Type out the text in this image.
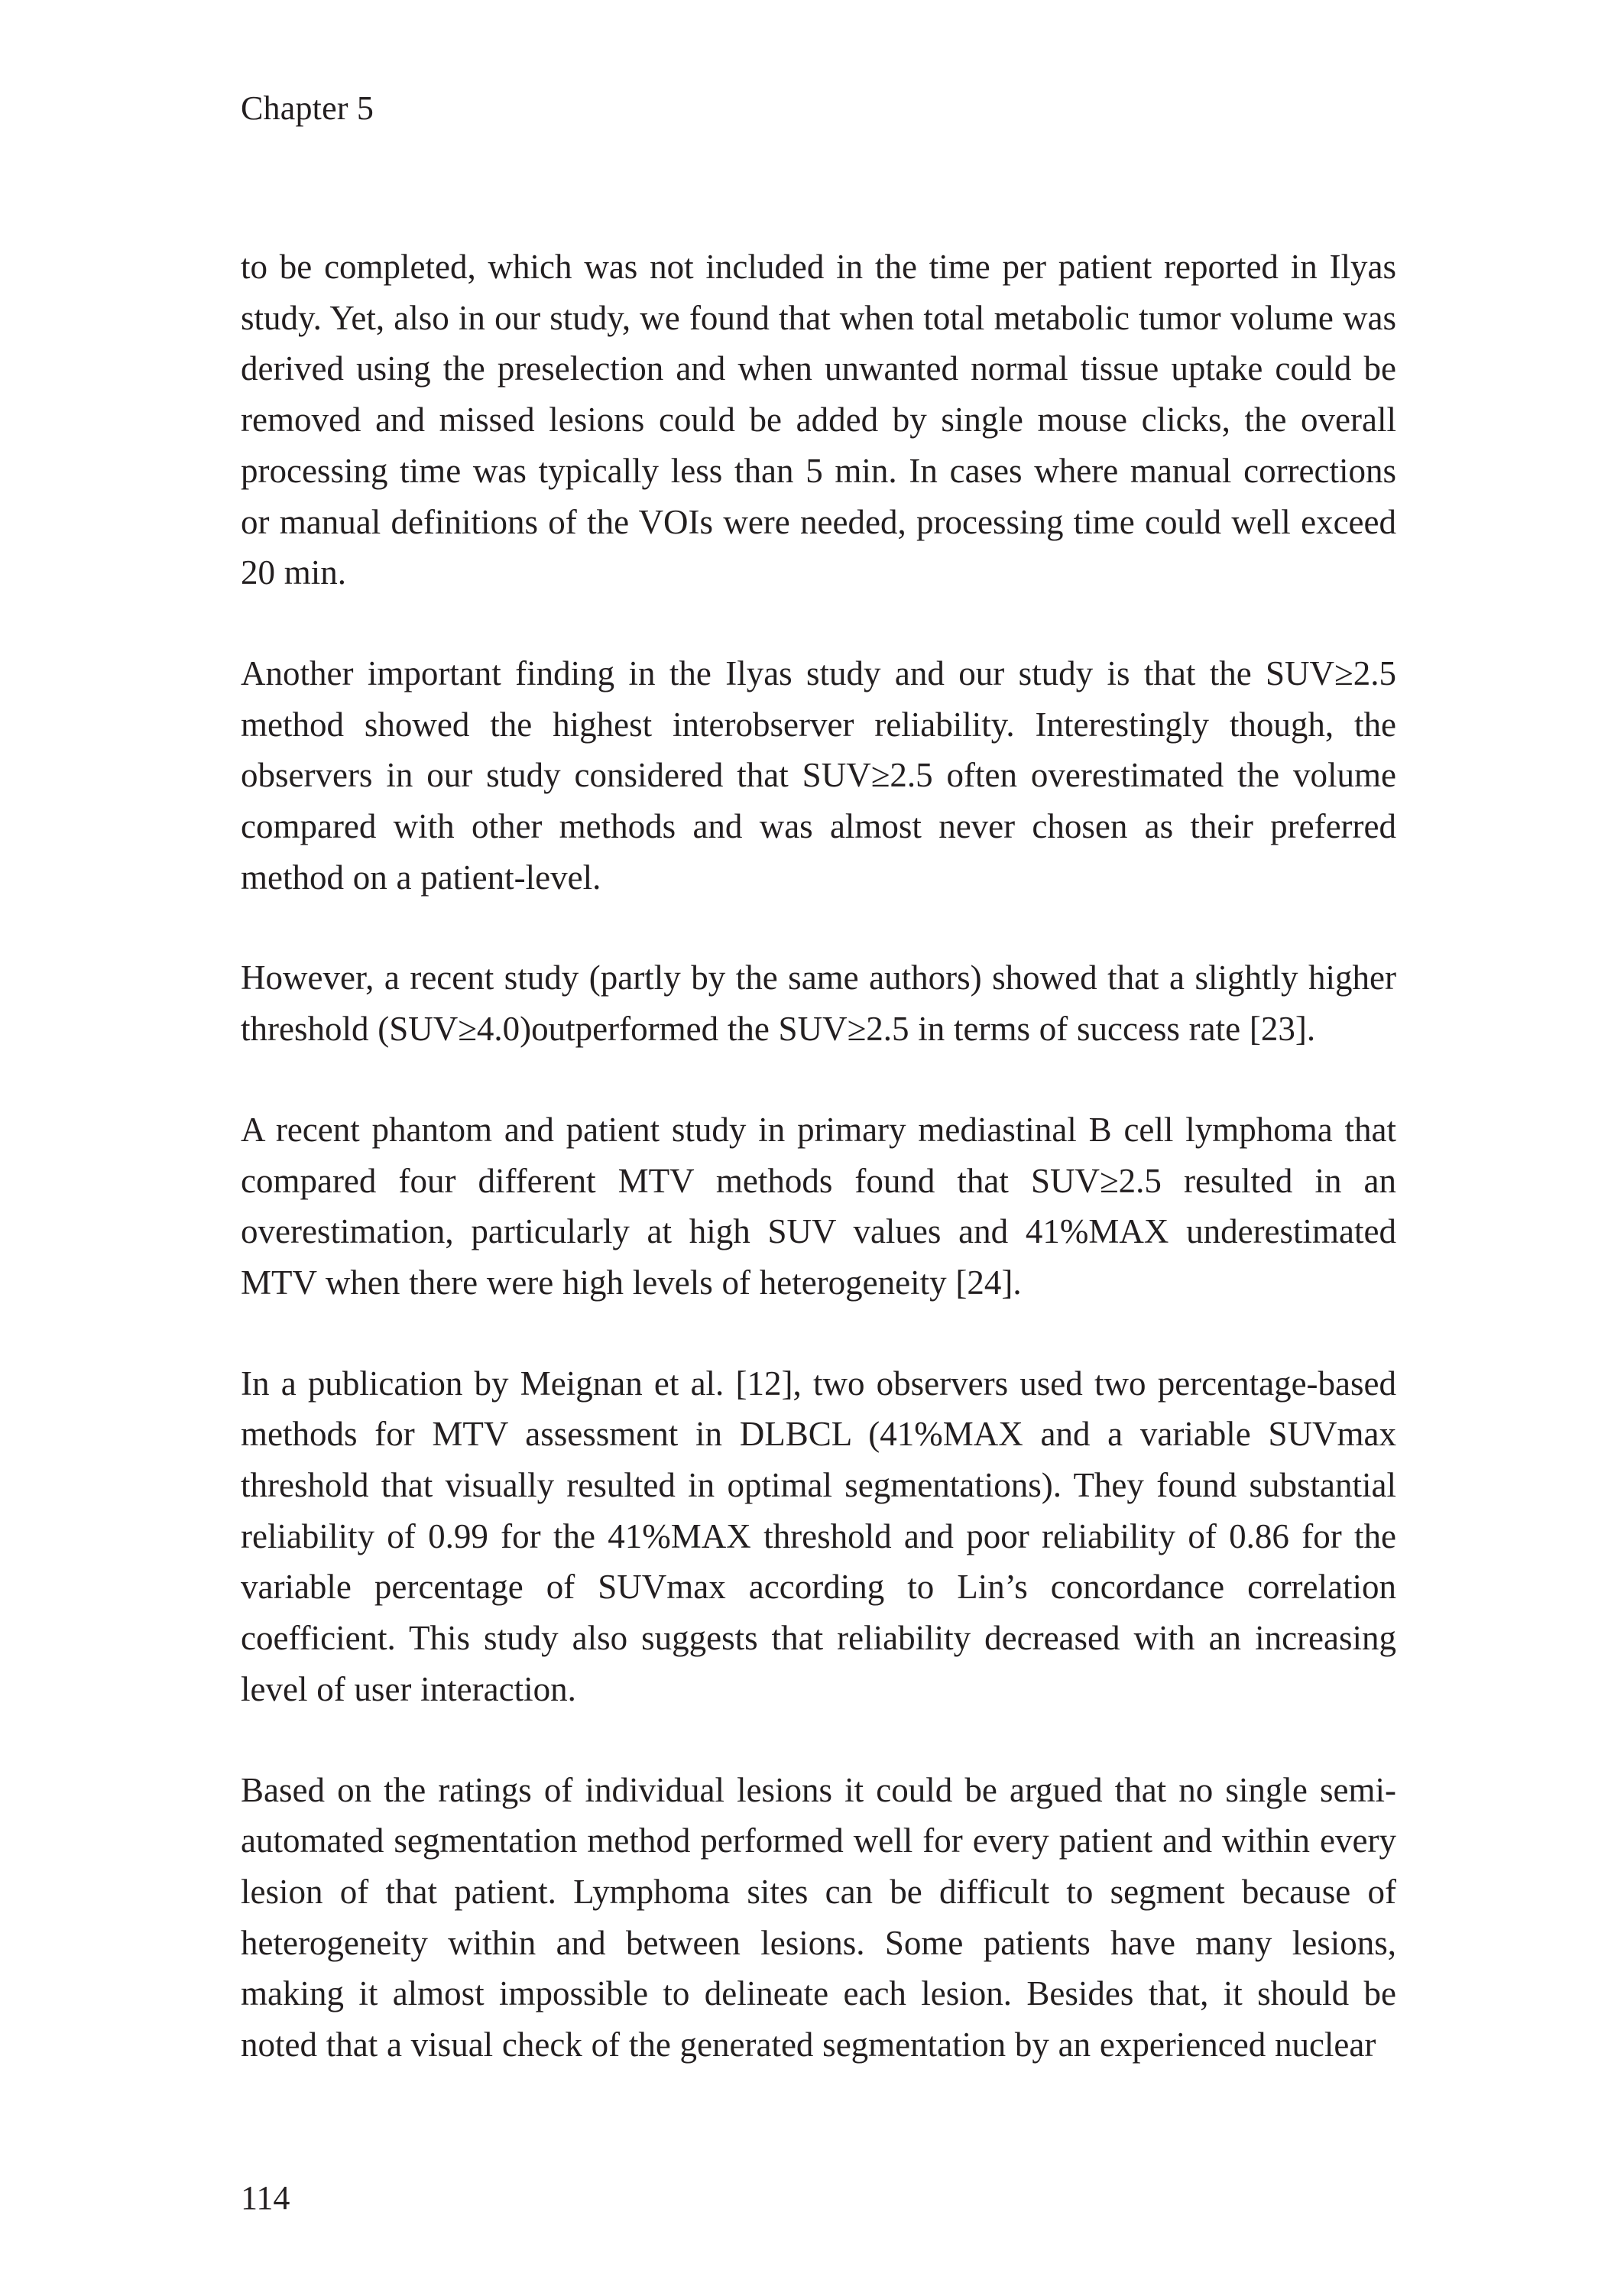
Chapter 5

to be completed, which was not included in the time per patient reported in Ilyas study. Yet, also in our study, we found that when total metabolic tumor volume was derived using the preselection and when unwanted normal tissue uptake could be removed and missed lesions could be added by single mouse clicks, the overall processing time was typically less than 5 min. In cases where manual corrections or manual definitions of the VOIs were needed, processing time could well exceed 20 min.

Another important finding in the Ilyas study and our study is that the SUV≥2.5 method showed the highest interobserver reliability. Interestingly though, the observers in our study considered that SUV≥2.5 often overestimated the volume compared with other methods and was almost never chosen as their preferred method on a patient-level.

However, a recent study (partly by the same authors) showed that a slightly higher threshold (SUV≥4.0)outperformed the SUV≥2.5 in terms of success rate [23].

A recent phantom and patient study in primary mediastinal B cell lymphoma that compared four different MTV methods found that SUV≥2.5 resulted in an overestimation, particularly at high SUV values and 41%MAX underestimated MTV when there were high levels of heterogeneity [24].

In a publication by Meignan et al. [12], two observers used two percentage-based methods for MTV assessment in DLBCL (41%MAX and a variable SUVmax threshold that visually resulted in optimal segmentations). They found substantial reliability of 0.99 for the 41%MAX threshold and poor reliability of 0.86 for the variable percentage of SUVmax according to Lin’s concordance correlation coefficient. This study also suggests that reliability decreased with an increasing level of user interaction.

Based on the ratings of individual lesions it could be argued that no single semi-automated segmentation method performed well for every patient and within every lesion of that patient. Lymphoma sites can be difficult to segment because of heterogeneity within and between lesions. Some patients have many lesions, making it almost impossible to delineate each lesion. Besides that, it should be noted that a visual check of the generated segmentation by an experienced nuclear

114
